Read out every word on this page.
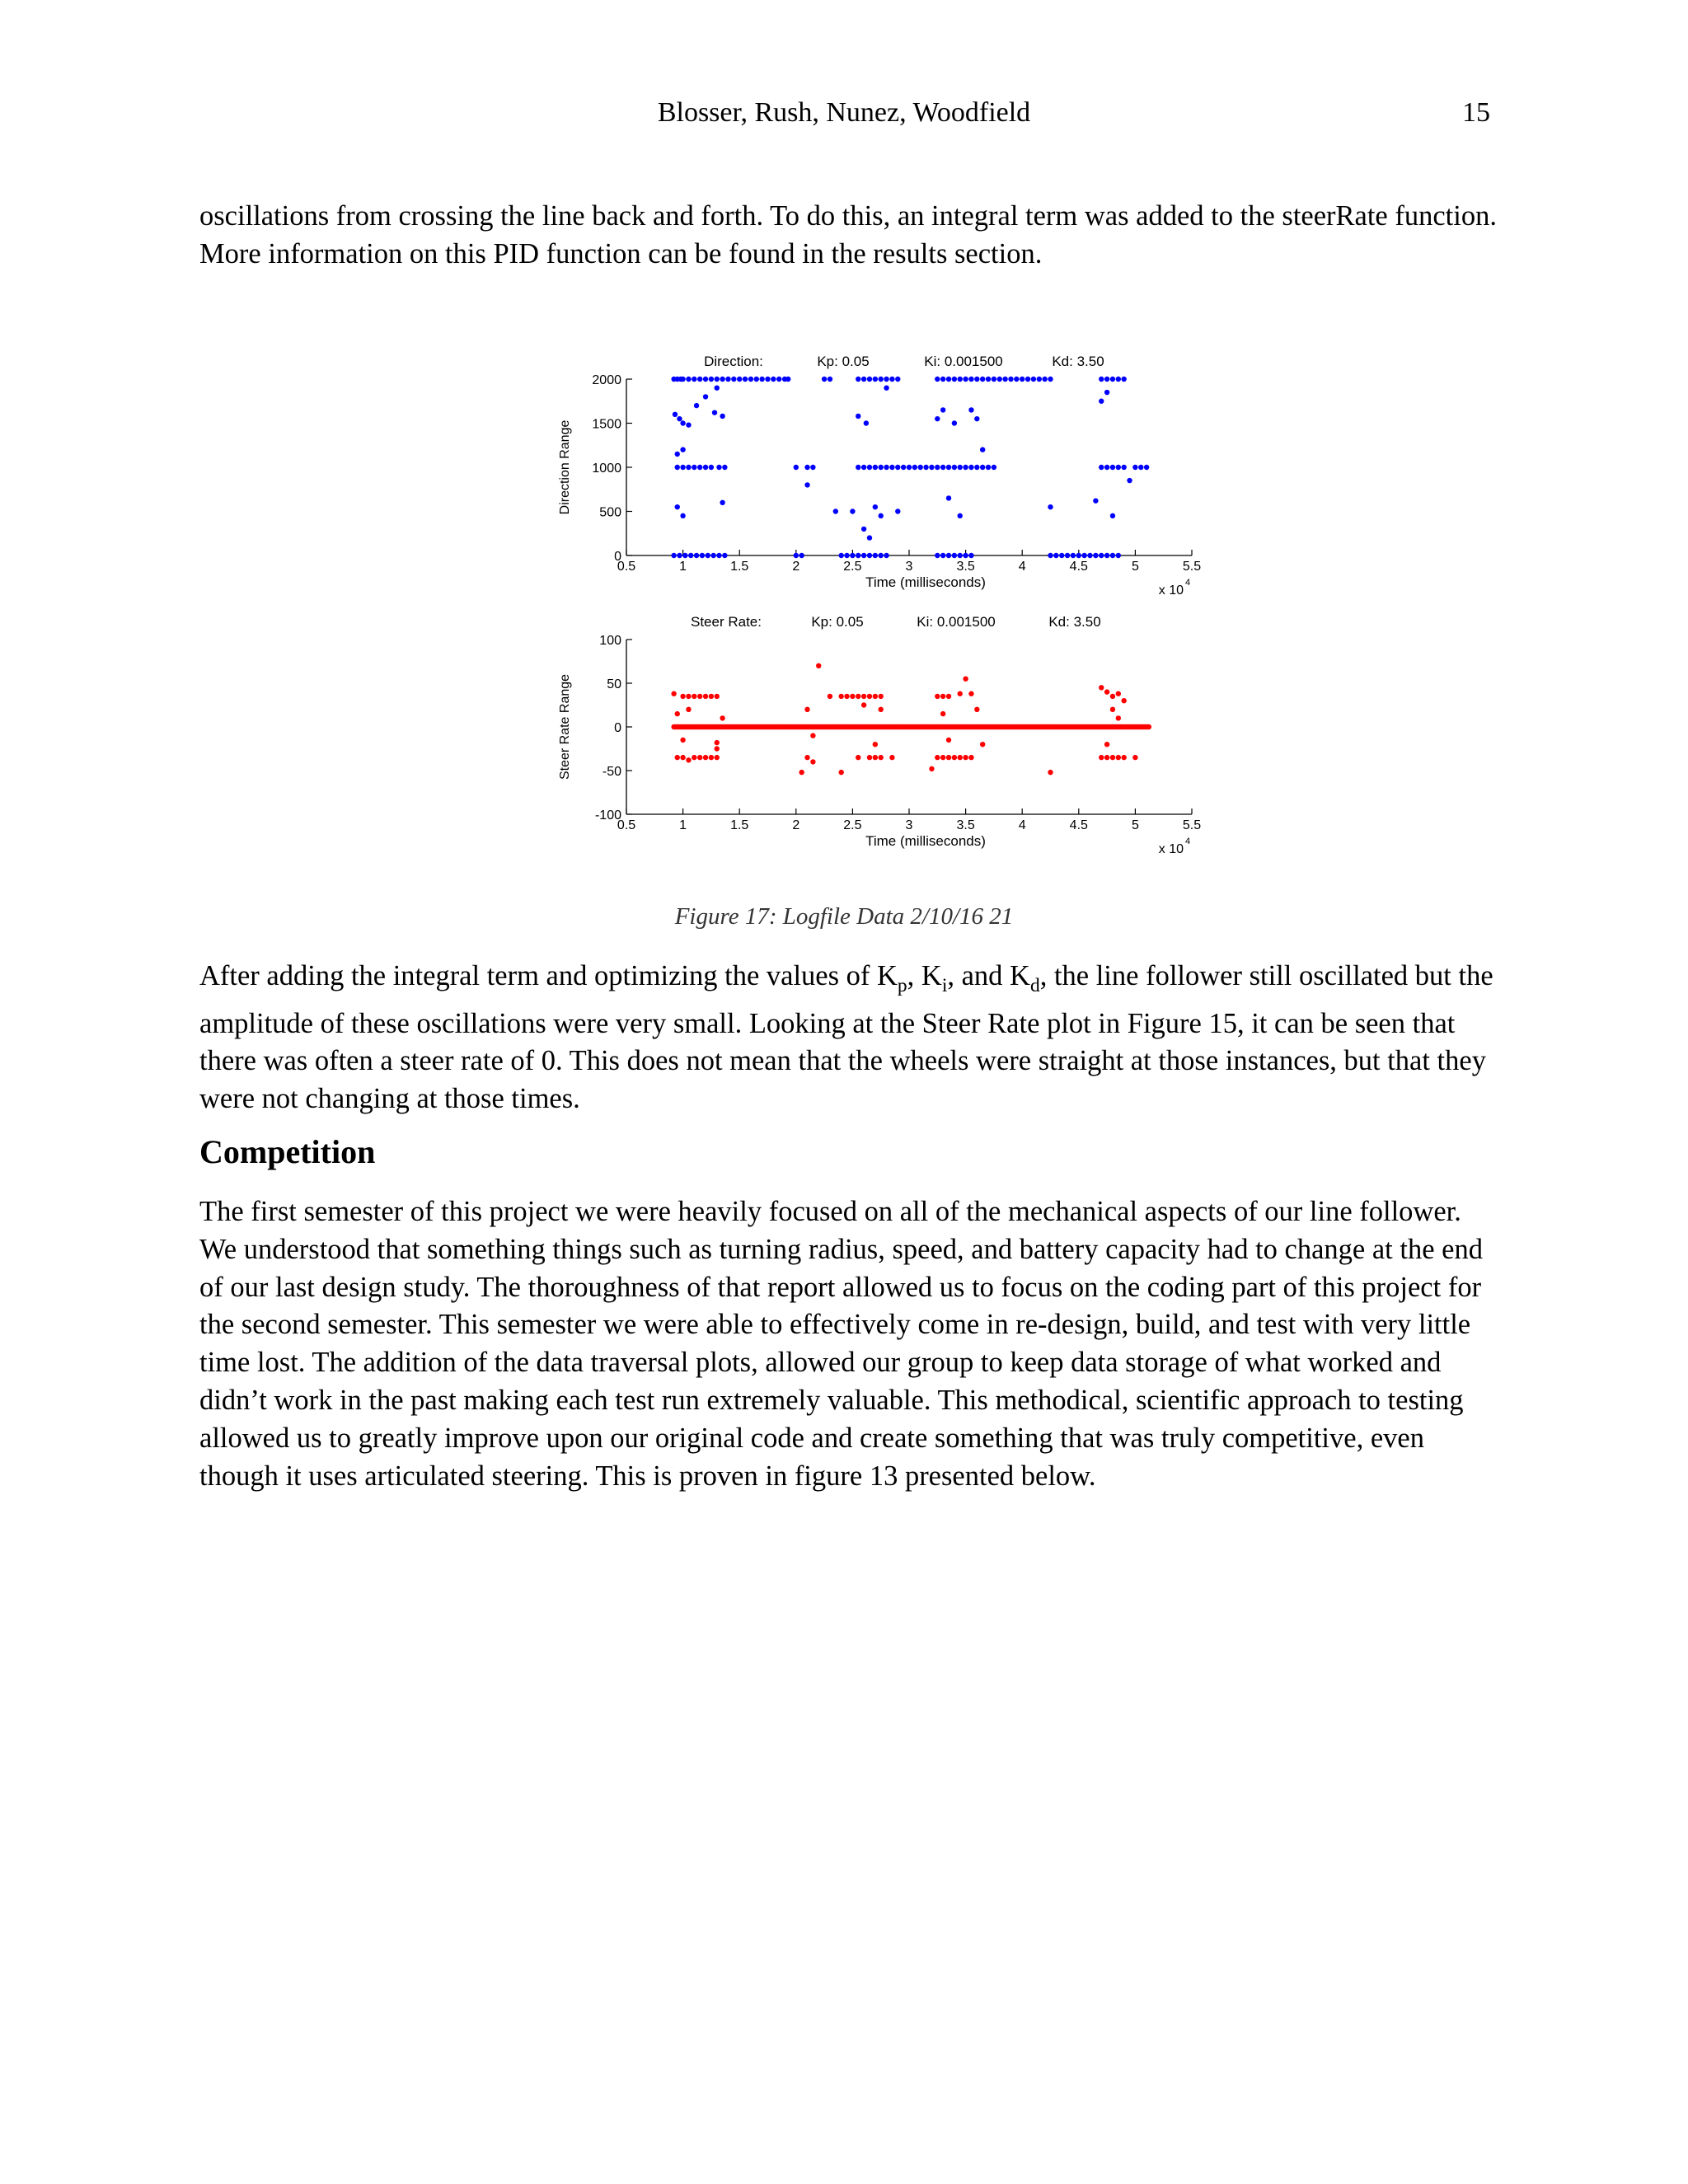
Blosser, Rush, Nunez, Woodfield	15

oscillations from crossing the line back and forth. To do this, an integral term was added to the steerRate function. More information on this PID function can be found in the results section.

Direction:	Kp: 0.05	Ki: 0.001500	Kd: 3.50
0.5	1	1.5	2	2.5	3	3.5	4	4.5	5	5.5
0
500
1000
1500
2000
Time (milliseconds)
Direction Range
x 10
4
Steer Rate:	Kp: 0.05	Ki: 0.001500	Kd: 3.50
0.5	1	1.5	2	2.5	3	3.5	4	4.5	5	5.5
-100
-50
0
50
100
Time (milliseconds)
Steer Rate Range
x 10
4
Figure 17: Logfile Data 2/10/16 21

After adding the integral term and optimizing the values of $K_p$, $K_i$, and $K_d$, the line follower still oscillated but the amplitude of these oscillations were very small. Looking at the Steer Rate plot in Figure 15, it can be seen that there was often a steer rate of 0. This does not mean that the wheels were straight at those instances, but that they were not changing at those times.

Competition

The first semester of this project we were heavily focused on all of the mechanical aspects of our line follower. We understood that something things such as turning radius, speed, and battery capacity had to change at the end of our last design study. The thoroughness of that report allowed us to focus on the coding part of this project for the second semester. This semester we were able to effectively come in re-design, build, and test with very little time lost. The addition of the data traversal plots, allowed our group to keep data storage of what worked and didn’t work in the past making each test run extremely valuable. This methodical, scientific approach to testing allowed us to greatly improve upon our original code and create something that was truly competitive, even though it uses articulated steering. This is proven in figure 13 presented below.
